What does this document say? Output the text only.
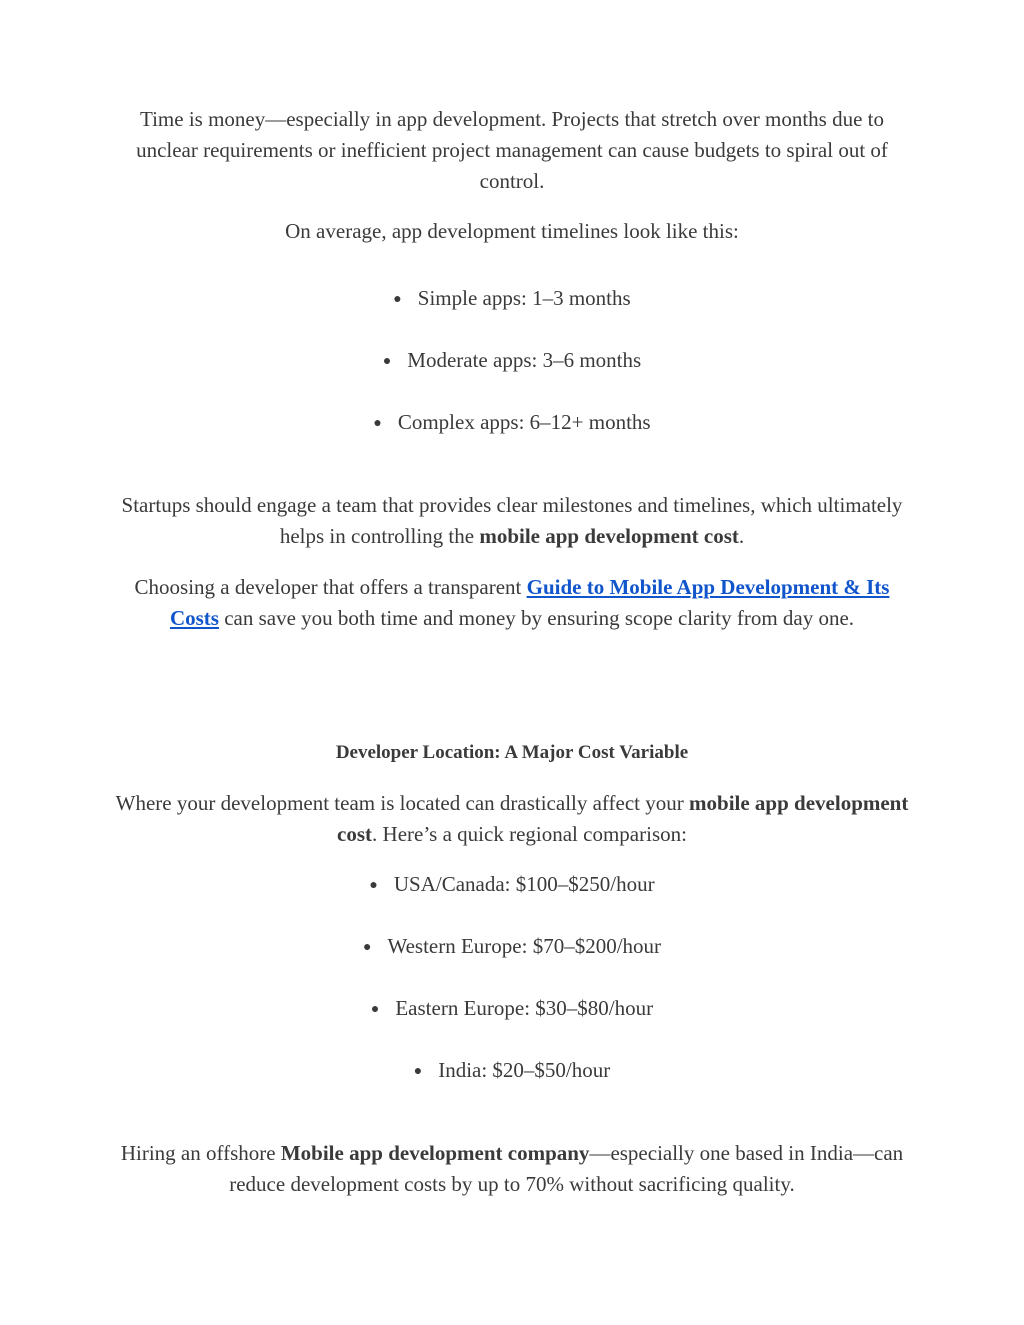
Time is money—especially in app development. Projects that stretch over months due to unclear requirements or inefficient project management can cause budgets to spiral out of control.

On average, app development timelines look like this:

● Simple apps: 1–3 months
● Moderate apps: 3–6 months
● Complex apps: 6–12+ months

Startups should engage a team that provides clear milestones and timelines, which ultimately helps in controlling the mobile app development cost.

Choosing a developer that offers a transparent Guide to Mobile App Development & Its Costs can save you both time and money by ensuring scope clarity from day one.

Developer Location: A Major Cost Variable

Where your development team is located can drastically affect your mobile app development cost. Here’s a quick regional comparison:

● USA/Canada: $100–$250/hour
● Western Europe: $70–$200/hour
● Eastern Europe: $30–$80/hour
● India: $20–$50/hour

Hiring an offshore Mobile app development company—especially one based in India—can reduce development costs by up to 70% without sacrificing quality.
